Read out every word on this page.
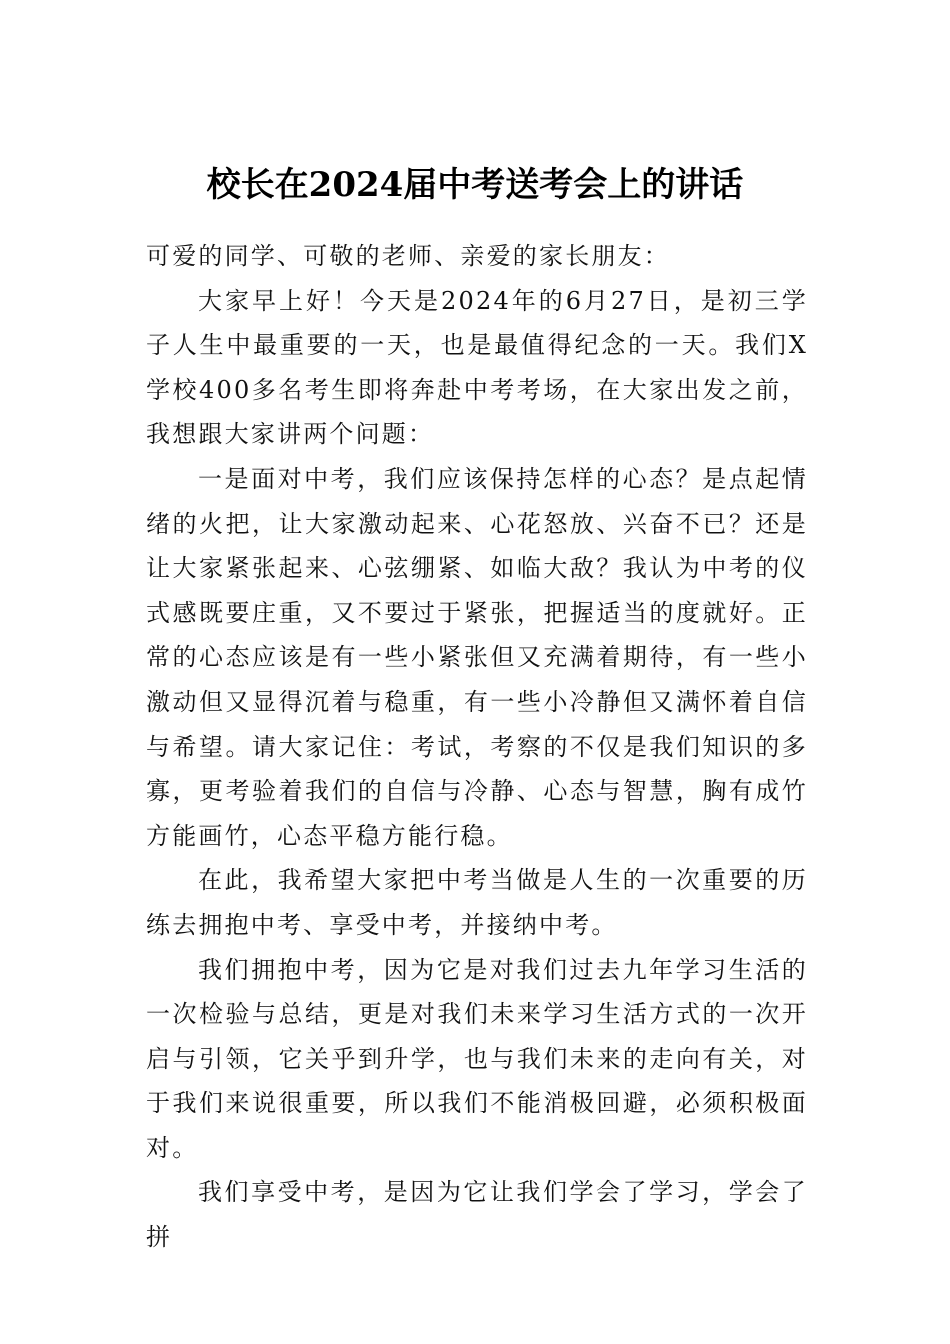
校长在2024届中考送考会上的讲话

可爱的同学、可敬的老师、亲爱的家长朋友：

大家早上好！今天是2024年的6月27日，是初三学子人生中最重要的一天，也是最值得纪念的一天。我们X学校400多名考生即将奔赴中考考场，在大家出发之前，我想跟大家讲两个问题：

一是面对中考，我们应该保持怎样的心态？是点起情绪的火把，让大家激动起来、心花怒放、兴奋不已？还是让大家紧张起来、心弦绷紧、如临大敌？我认为中考的仪式感既要庄重，又不要过于紧张，把握适当的度就好。正常的心态应该是有一些小紧张但又充满着期待，有一些小激动但又显得沉着与稳重，有一些小冷静但又满怀着自信与希望。请大家记住：考试，考察的不仅是我们知识的多寡，更考验着我们的自信与冷静、心态与智慧，胸有成竹方能画竹，心态平稳方能行稳。

在此，我希望大家把中考当做是人生的一次重要的历练去拥抱中考、享受中考，并接纳中考。

我们拥抱中考，因为它是对我们过去九年学习生活的一次检验与总结，更是对我们未来学习生活方式的一次开启与引领，它关乎到升学，也与我们未来的走向有关，对于我们来说很重要，所以我们不能消极回避，必须积极面对。

我们享受中考，是因为它让我们学会了学习，学会了拼
